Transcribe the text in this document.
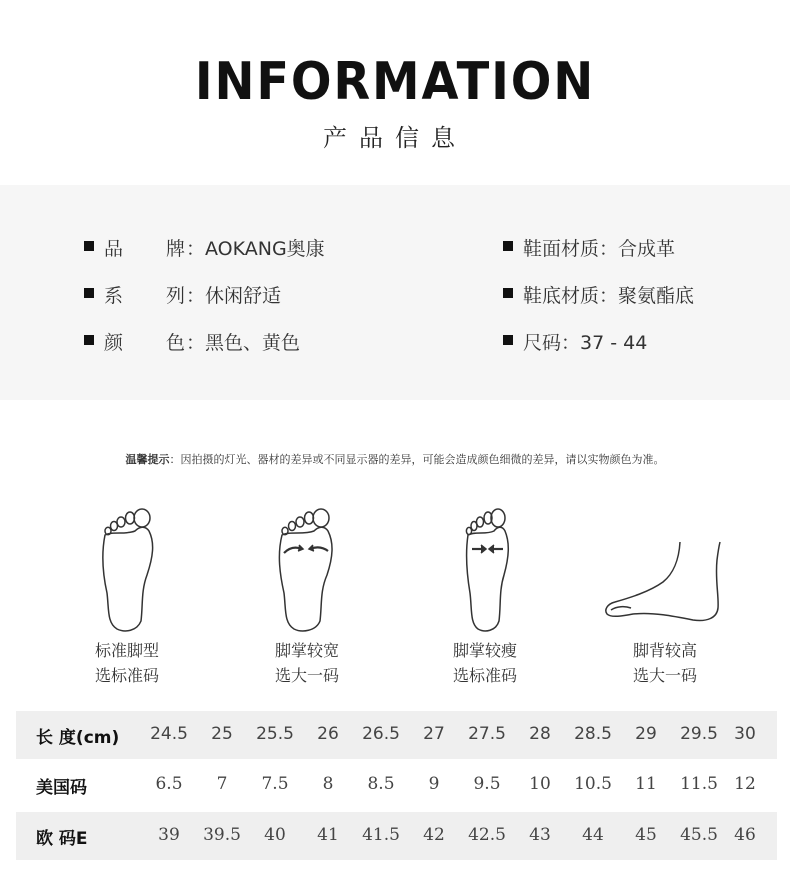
INFORMATION
产品信息
品 牌 ：AOKANG奥康
系 列 ：休闲舒适
颜 色 ：黑色、黄色
鞋面材质：合成革
鞋底材质：聚氨酯底
尺码：37 - 44
温馨提示：因拍摄的灯光、器材的差异或不同显示器的差异，可能会造成颜色细微的差异，请以实物颜色为准。
标准脚型
选标准码
脚掌较宽
选大一码
脚掌较瘦
选标准码
脚背较高
选大一码
长 度(cm)	24.5	25	25.5	26	26.5	27	27.5	28	28.5	29	29.5 30
美国码	6.5	7	7.5	8	8.5	9	9.5	10	10.5	11	11.5 12
欧 码E	39	39.5	40	41	41.5	42	42.5	43	44	45	45.5 46
